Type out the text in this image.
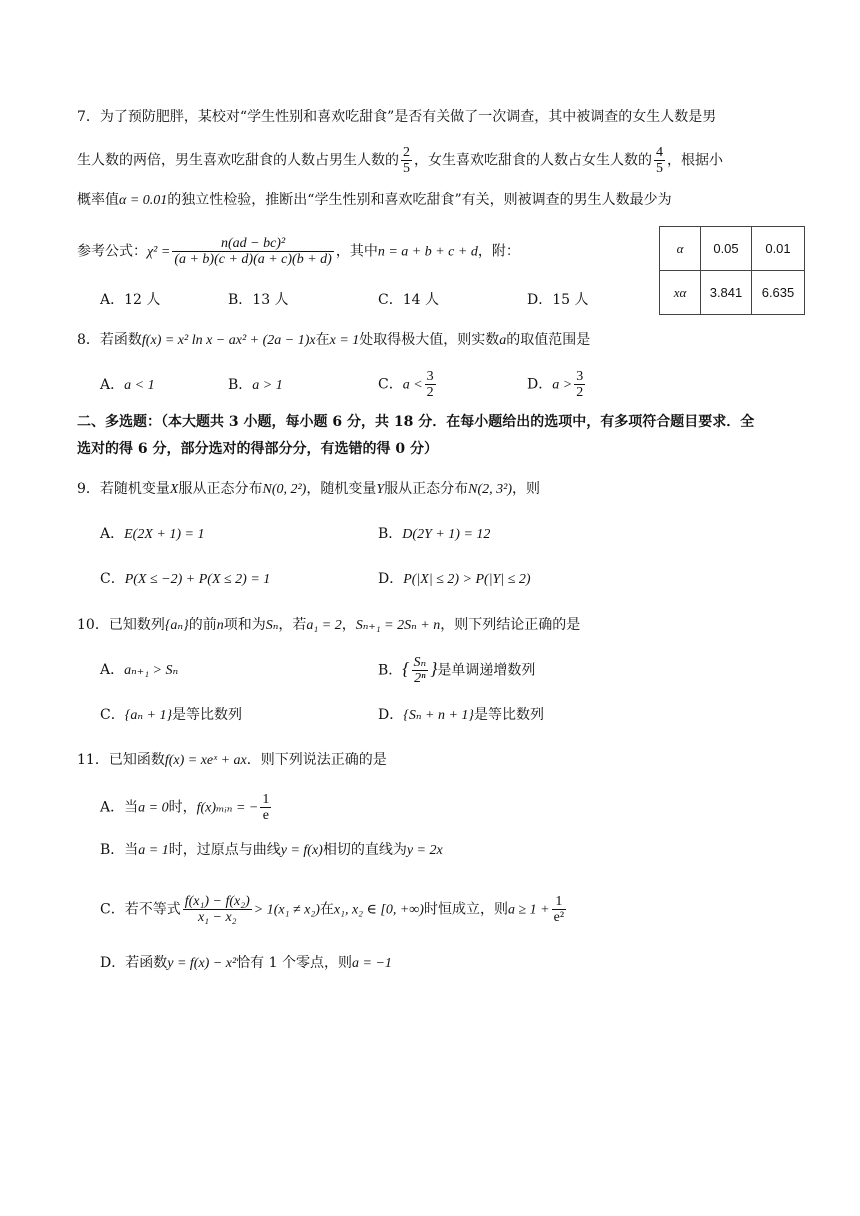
7．为了预防肥胖，某校对“学生性别和喜欢吃甜食”是否有关做了一次调查，其中被调查的女生人数是男
生人数的两倍，男生喜欢吃甜食的人数占男生人数的 $\frac{2}{5}$ ，女生喜欢吃甜食的人数占女生人数的 $\frac{4}{5}$ ，根据小
概率值α = 0.01的独立性检验，推断出“学生性别和喜欢吃甜食”有关，则被调查的男生人数最少为
参考公式：$\chi^2 = \frac{\text{n(ad − bc)²}}{(a + b)(c + d)(a + c)(b + d)}$ ，其中n = a + b + c + d，附：
A．12 人	B．13 人	C．14 人	D．15 人
α	0.05	0.01
xα	3.841	6.635
8．若函数f(x) = x² ln x − ax² + (2a − 1)x在x = 1处取得极大值，则实数a的取值范围是
A．a < 1	B．a > 1	C．$a < \frac{3}{2}$	D．$a > \frac{3}{2}$
二、多选题：（本大题共 3 小题，每小题 6 分，共 18 分．在每小题给出的选项中，有多项符合题目要求．全
选对的得 6 分，部分选对的得部分分，有选错的得 0 分）
9．若随机变量X服从正态分布N(0, 2²)，随机变量Y服从正态分布N(2, 3²)，则
A．E(2X + 1) = 1	B．D(2Y + 1) = 12
C．P(X ≤ −2) + P(X ≤ 2) = 1	D．P(|X| ≤ 2) > P(|Y| ≤ 2)
10．已知数列{aₙ}的前n项和为Sₙ，若a₁ = 2，Sₙ₊₁ = 2Sₙ + n，则下列结论正确的是
A．aₙ₊₁ > Sₙ	B．{ $\frac{\text{Sₙ}}{\text{2ⁿ}}$ }是单调递增数列
C．{aₙ + 1}是等比数列	D．{Sₙ + n + 1}是等比数列
11．已知函数f(x) = xeˣ + ax．则下列说法正确的是
A．当a = 0时，f(x)ₘᵢₙ = − $\frac{1}{e}$
B．当a = 1时，过原点与曲线y = f(x)相切的直线为y = 2x
C．若不等式 $\frac{\text{f(x₁) − f(x₂)}}{\text{x₁ − x₂}} > 1(x_1 \ne x_2)$在x₁, x₂ ∈ [0, +∞)时恒成立，则$a \ge 1 + \frac{1}{\text{e²}}$
D．若函数y = f(x) − x²恰有 1 个零点，则a = −1
